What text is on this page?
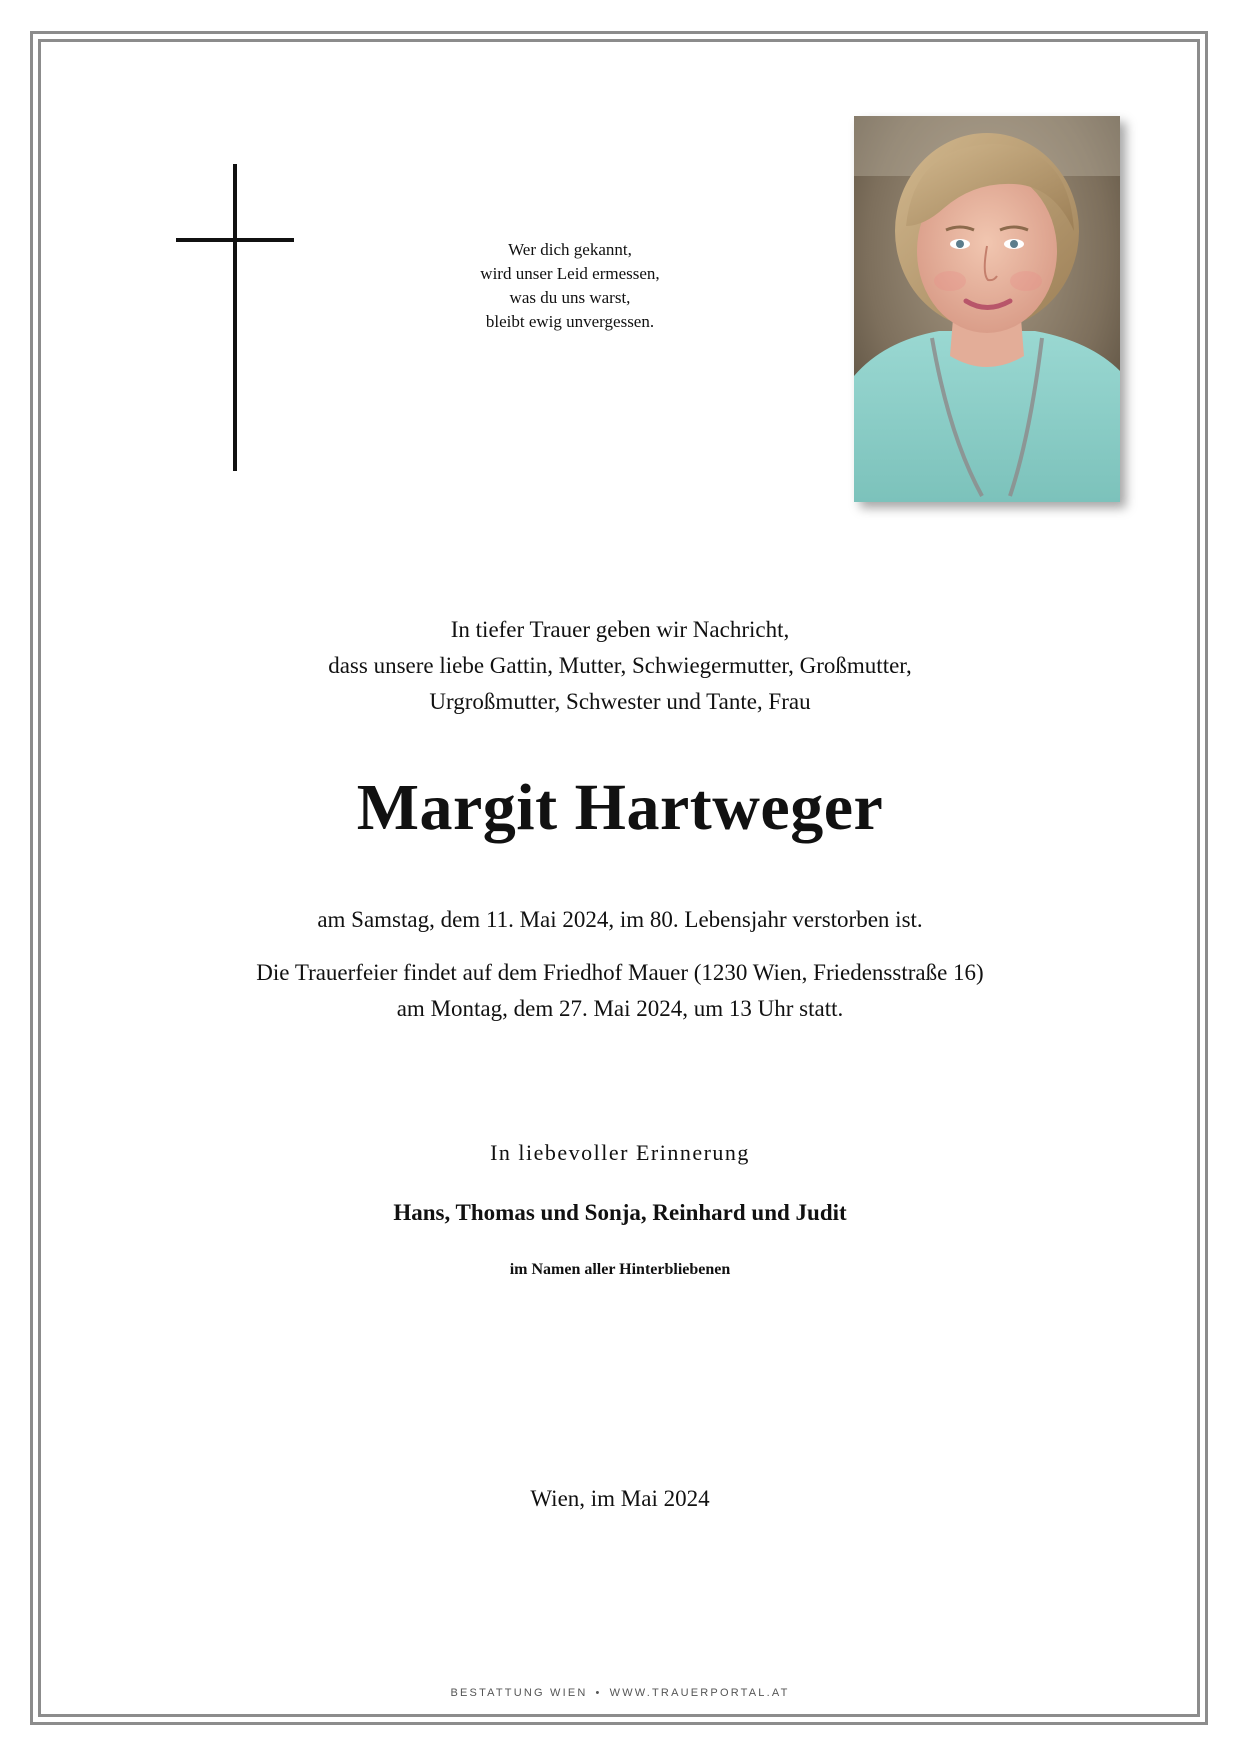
Wer dich gekannt,
wird unser Leid ermessen,
was du uns warst,
bleibt ewig unvergessen.
In tiefer Trauer geben wir Nachricht,
dass unsere liebe Gattin, Mutter, Schwiegermutter, Großmutter,
Urgroßmutter, Schwester und Tante, Frau
Margit Hartweger
am Samstag, dem 11. Mai 2024, im 80. Lebensjahr verstorben ist.
Die Trauerfeier findet auf dem Friedhof Mauer (1230 Wien, Friedensstraße 16)
am Montag, dem 27. Mai 2024, um 13 Uhr statt.
In liebevoller Erinnerung
Hans, Thomas und Sonja, Reinhard und Judit
im Namen aller Hinterbliebenen
Wien, im Mai 2024
BESTATTUNG WIEN • WWW.TRAUERPORTAL.AT
